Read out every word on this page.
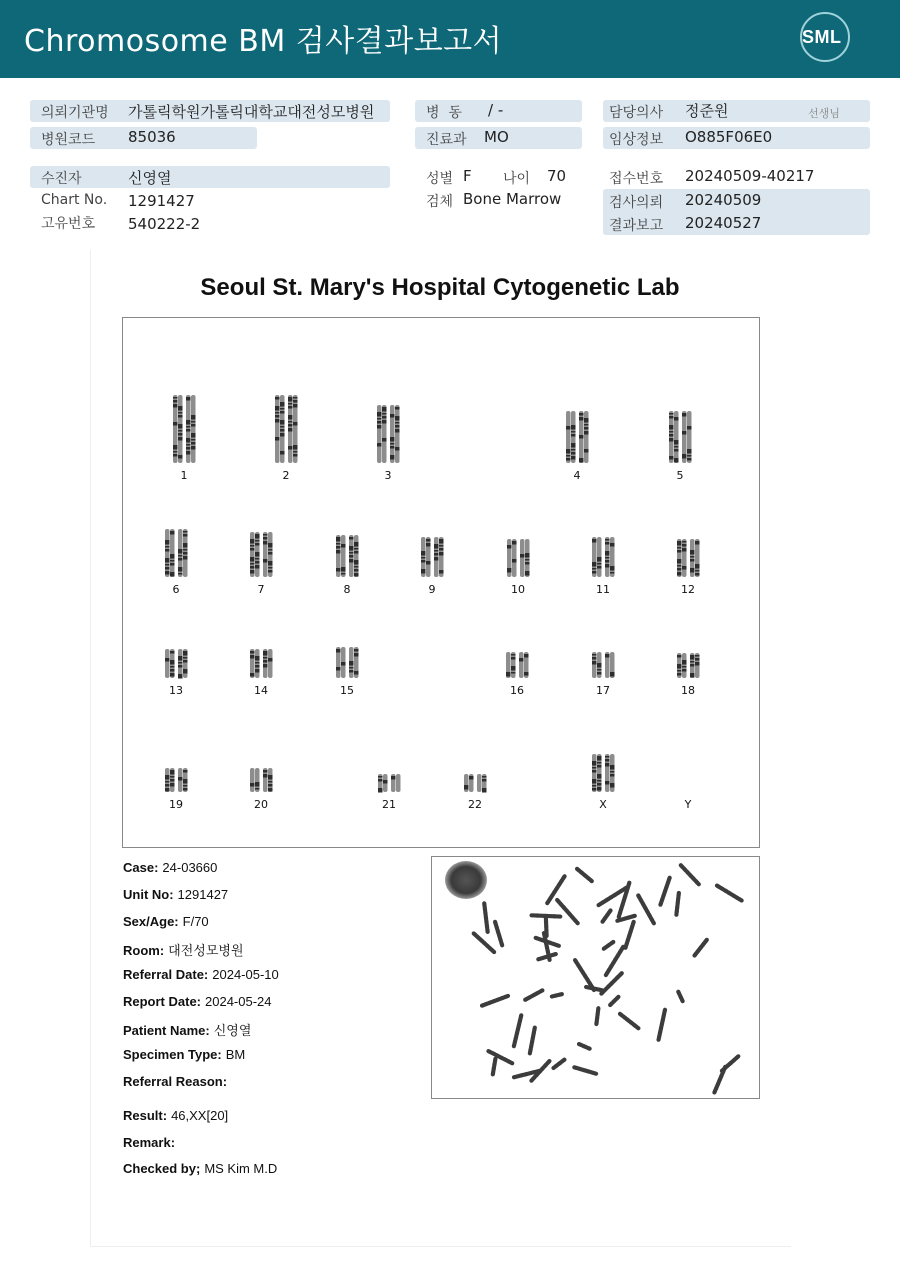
Chromosome BM 검사결과보고서	SML
의뢰기관명 가톨릭학원가톨릭대학교대전성모병원
병원코드 85036
수진자	신영열
Chart No. 1291427
고유번호 540222-2
병  동 / -
진료과 MO
성별 F 나이 70
검체 Bone Marrow
담당의사 정준원	선생님
임상정보 O885F06E0
접수번호 20240509-40217
검사의뢰 20240509
결과보고 20240527
Seoul St. Mary's Hospital Cytogenetic Lab
1	2	3	4	5
6	7	8	9	10	11	12
13	14	15	16	17	18
19	20	21	22	X	Y
Case: 24-03660
Unit No: 1291427
Sex/Age: F/70
Room: 대전성모병원
Referral Date: 2024-05-10
Report Date: 2024-05-24
Patient Name: 신영열
Specimen Type: BM
Referral Reason:
Result: 46,XX[20]
Remark:
Checked by; MS Kim M.D
